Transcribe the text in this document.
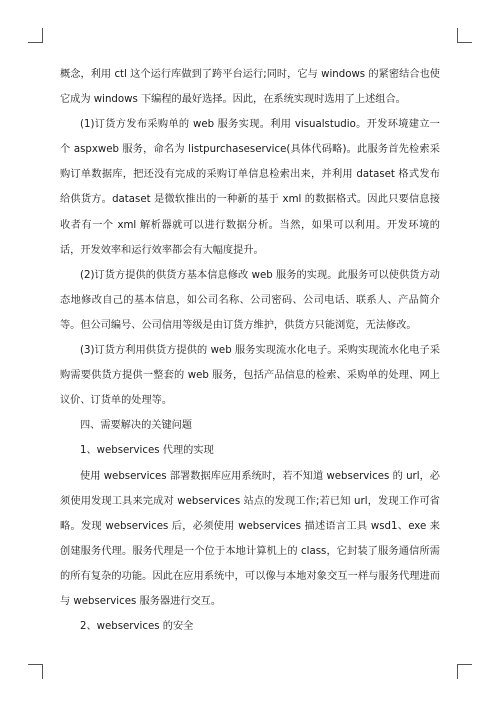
概念，利用 ctl 这个运行库做到了跨平台运行;同时，它与 windows 的紧密结合也使它成为 windows 下编程的最好选择。因此，在系统实现时选用了上述组合。

(1)订货方发布采购单的 web 服务实现。利用 visualstudio。开发环境建立一个 aspxweb 服务，命名为 listpurchaseservice(具体代码略)。此服务首先检索采购订单数据库，把还没有完成的采购订单信息检索出来，并利用 dataset 格式发布给供货方。dataset 是微软推出的一种新的基于 xml 的数据格式。因此只要信息接收者有一个 xml 解析器就可以进行数据分析。当然，如果可以利用。开发环境的话，开发效率和运行效率都会有大幅度提升。

(2)订货方提供的供货方基本信息修改 web 服务的实现。此服务可以使供货方动态地修改自己的基本信息，如公司名称、公司密码、公司电话、联系人、产品简介等。但公司编号、公司信用等级是由订货方维护，供货方只能浏览，无法修改。

(3)订货方利用供货方提供的 web 服务实现流水化电子。采购实现流水化电子采购需要供货方提供一整套的 web 服务，包括产品信息的检索、采购单的处理、网上议价、订货单的处理等。

四、需要解决的关键问题

1、webservices 代理的实现

使用 webservices 部署数据库应用系统时，若不知道 webservices 的 url，必须使用发现工具来完成对 webservices 站点的发现工作;若已知 url，发现工作可省略。发现 webservices 后，必须使用 webservices 描述语言工具 wsd1、exe 来创建服务代理。服务代理是一个位于本地计算机上的 class，它封装了服务通信所需的所有复杂的功能。因此在应用系统中，可以像与本地对象交互一样与服务代理进而与 webservices 服务器进行交互。

2、webservices 的安全
